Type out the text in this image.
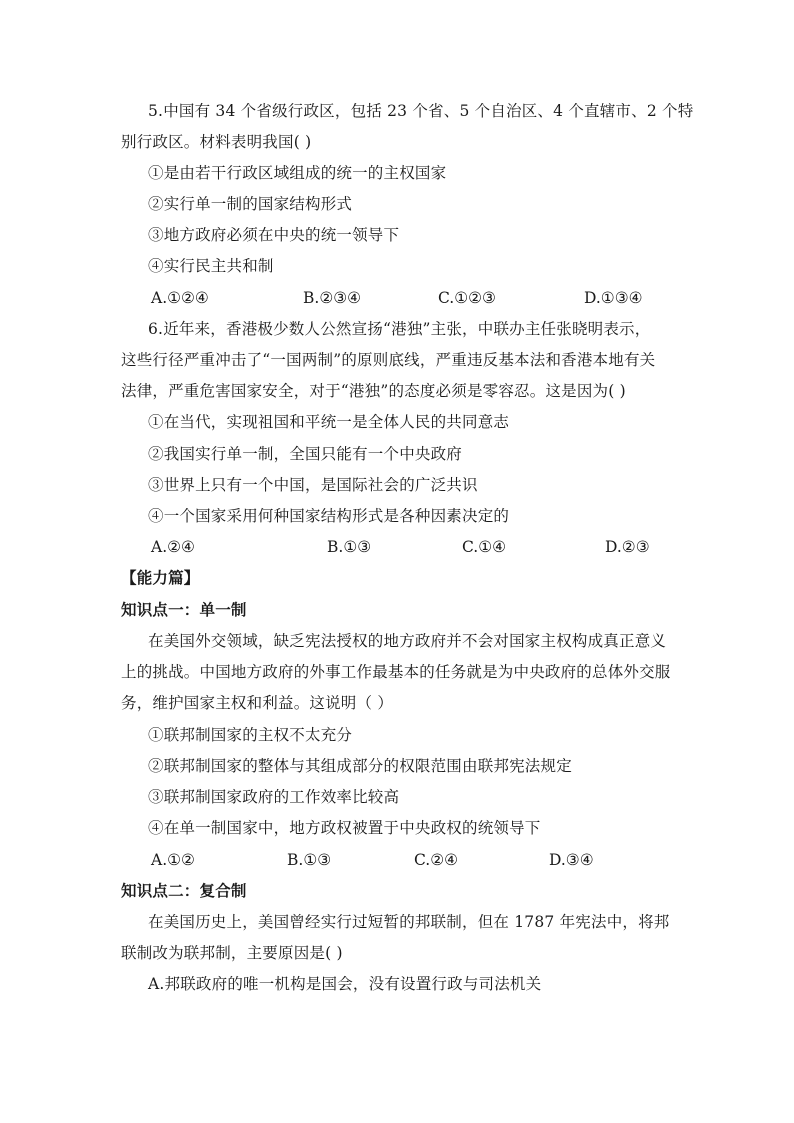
5.中国有 34 个省级行政区，包括 23 个省、5 个自治区、4 个直辖市、2 个特
别行政区。材料表明我国( )
①是由若干行政区域组成的统一的主权国家
②实行单一制的国家结构形式
③地方政府必须在中央的统一领导下
④实行民主共和制
A.①②④	B.②③④	C.①②③	D.①③④
6.近年来，香港极少数人公然宣扬“港独”主张，中联办主任张晓明表示，
这些行径严重冲击了“一国两制”的原则底线，严重违反基本法和香港本地有关
法律，严重危害国家安全，对于“港独”的态度必须是零容忍。这是因为( )
①在当代，实现祖国和平统一是全体人民的共同意志
②我国实行单一制，全国只能有一个中央政府
③世界上只有一个中国，是国际社会的广泛共识
④一个国家采用何种国家结构形式是各种因素决定的
A.②④	B.①③	C.①④	D.②③
【能力篇】
知识点一：单一制
在美国外交领域，缺乏宪法授权的地方政府并不会对国家主权构成真正意义
上的挑战。中国地方政府的外事工作最基本的任务就是为中央政府的总体外交服
务，维护国家主权和利益。这说明（ ）
①联邦制国家的主权不太充分
②联邦制国家的整体与其组成部分的权限范围由联邦宪法规定
③联邦制国家政府的工作效率比较高
④在单一制国家中，地方政权被置于中央政权的统领导下
A.①②	B.①③	C.②④	D.③④
知识点二：复合制
在美国历史上，美国曾经实行过短暂的邦联制，但在 1787 年宪法中，将邦
联制改为联邦制，主要原因是( )
A.邦联政府的唯一机构是国会，没有设置行政与司法机关
